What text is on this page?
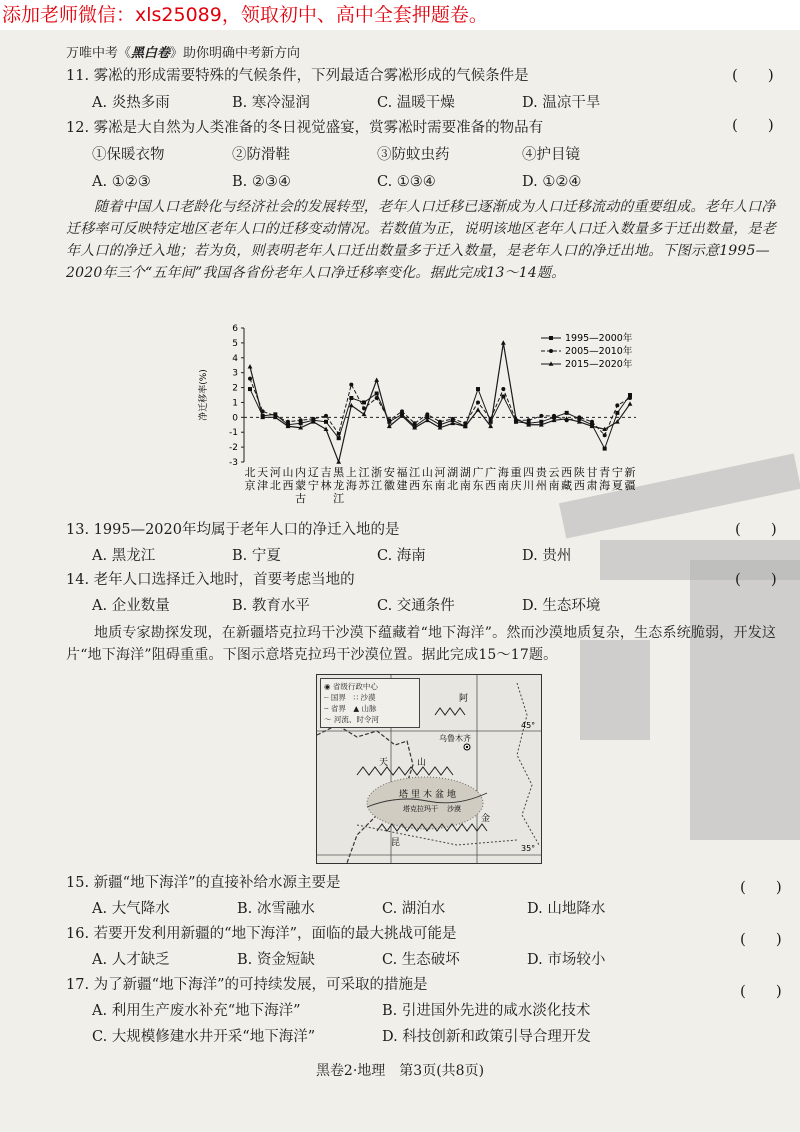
添加老师微信：xls25089，领取初中、高中全套押题卷。
万唯中考《黑白卷》助你明确中考新方向
11. 雾凇的形成需要特殊的气候条件，下列最适合雾凇形成的气候条件是	(　　)
A. 炎热多雨	B. 寒冷湿润	C. 温暖干燥	D. 温凉干旱
12. 雾凇是大自然为人类准备的冬日视觉盛宴，赏雾凇时需要准备的物品有	(　　)
①保暖衣物	②防滑鞋	③防蚊虫药	④护目镜
A. ①②③	B. ②③④	C. ①③④	D. ①②④
随着中国人口老龄化与经济社会的发展转型，老年人口迁移已逐渐成为人口迁移流动的重要组成。老年人口净迁移率可反映特定地区老年人口的迁移变动情况。若数值为正，说明该地区老年人口迁入数量多于迁出数量，是老年人口的净迁入地；若为负，则表明老年人口迁出数量多于迁入数量，是老年人口的净迁出地。下图示意1995—2020年三个“五年间”我国各省份老年人口净迁移率变化。据此完成13～14题。
-3
-2
-1
0
1
2
3
4
5
6
净迁移率(%)
北
京
天
津
河
北
山
西
内
蒙
古
辽
宁
吉
林
黑
龙
江
上
海
江
苏
浙
江
安
徽
福
建
江
西
山
东
河
南
湖
北
湖
南
广
东
广
西
海
南
重
庆
四
川
贵
州
云
南
西
藏
陕
西
甘
肃
青
海
宁
夏
新
疆
1995—2000年
2005—2010年
2015—2020年
13. 1995—2020年均属于老年人口的净迁入地的是	(　　)
A. 黑龙江	B. 宁夏	C. 海南	D. 贵州
14. 老年人口选择迁入地时，首要考虑当地的	(　　)
A. 企业数量	B. 教育水平	C. 交通条件	D. 生态环境
地质专家勘探发现，在新疆塔克拉玛干沙漠下蕴藏着“地下海洋”。然而沙漠地质复杂，生态系统脆弱，开发这片“地下海洋”阻碍重重。下图示意塔克拉玛干沙漠位置。据此完成15～17题。
乌鲁木齐
45°
35°
塔克拉玛干 沙漠
塔 里 木 盆 地
天	山
阿
昆
金
◉ 省级行政中心
┈ 国界　 ∷ 沙漠
┄ 省界　 ▲ 山脉
～ 河流、时令河
15. 新疆“地下海洋”的直接补给水源主要是	(　　)
A. 大气降水	B. 冰雪融水	C. 湖泊水	D. 山地降水
16. 若要开发利用新疆的“地下海洋”，面临的最大挑战可能是	(　　)
A. 人才缺乏	B. 资金短缺	C. 生态破坏	D. 市场较小
17. 为了新疆“地下海洋”的可持续发展，可采取的措施是	(　　)
A. 利用生产废水补充“地下海洋”	B. 引进国外先进的咸水淡化技术
C. 大规模修建水井开采“地下海洋”	D. 科技创新和政策引导合理开发
黑卷2·地理　第3页(共8页)
